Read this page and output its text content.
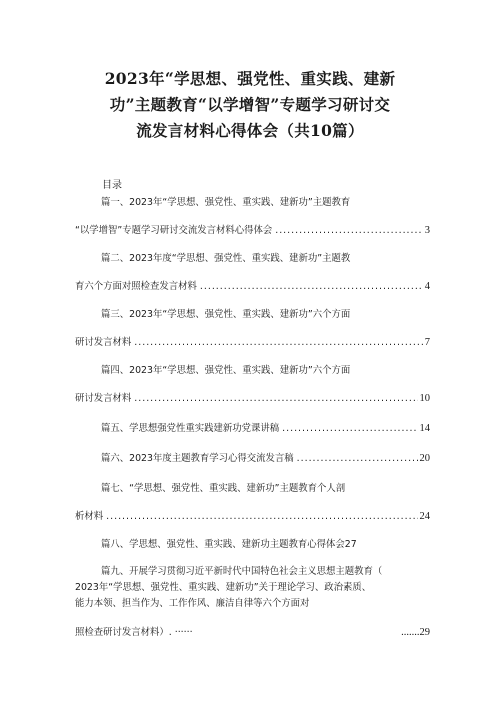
2023年“学思想、强党性、重实践、建新
功”主题教育“以学增智”专题学习研讨交
流发言材料心得体会（共10篇）
目录
篇一、2023年“学思想、强党性、重实践、建新功”主题教育
“以学增智”专题学习研讨交流发言材料心得体会 .....	3
篇二、2023年度“学思想、强党性、重实践、建新功”主题教
育六个方面对照检查发言材料 .....	4
篇三、2023年“学思想、强党性、重实践、建新功”六个方面
研讨发言材料 .....	7
篇四、2023年“学思想、强党性、重实践、建新功”六个方面
研讨发言材料 .....	10
篇五、学思想强党性重实践建新功党课讲稿 .....	14
篇六、2023年度主题教育学习心得交流发言稿 .....	20
篇七、“学思想、强党性、重实践、建新功”主题教育个人剖
析材料 .....	24
篇八、学思想、强党性、重实践、建新功主题教育心得体会27
篇九、开展学习贯彻习近平新时代中国特色社会主义思想主题教育（
2023年“学思想、强党性、重实践、建新功”关于理论学习、政治素质、
能力本领、担当作为、工作作风、廉洁自律等六个方面对
照检查研讨发言材料）. ······	.......29
